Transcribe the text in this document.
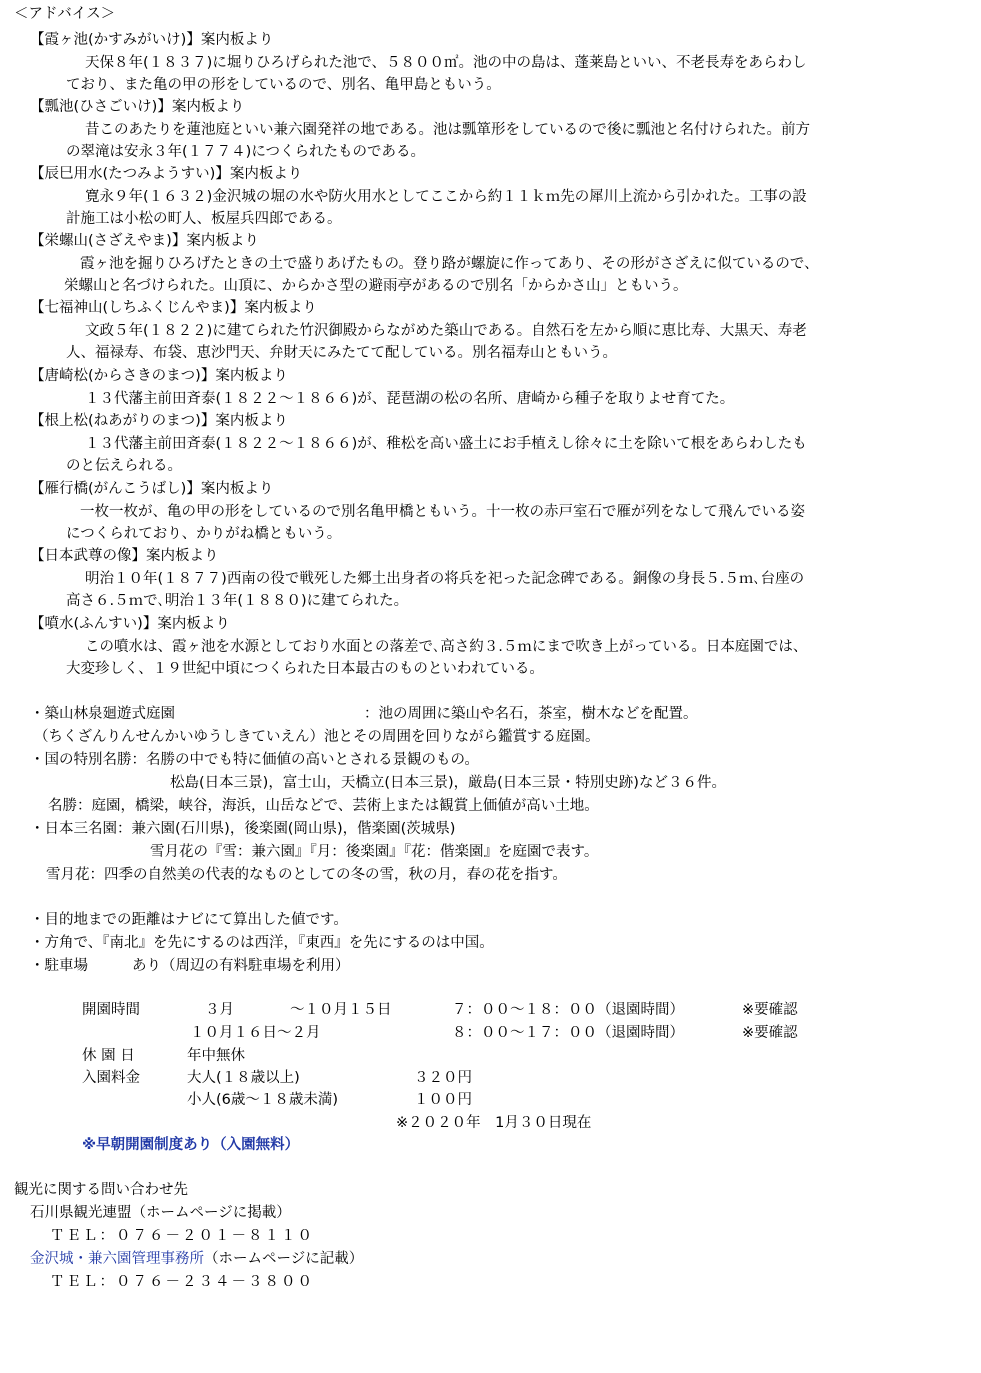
＜アドバイス＞
【霞ヶ池(かすみがいけ)】案内板より
天保８年(１８３７)に堀りひろげられた池で、５８００㎡。池の中の島は、蓬莱島といい、不老長寿をあらわし
ており、また亀の甲の形をしているので、別名、亀甲島ともいう。
【瓢池(ひさごいけ)】案内板より
昔このあたりを蓮池庭といい兼六園発祥の地である。池は瓢箪形をしているので後に瓢池と名付けられた。前方
の翠滝は安永３年(１７７４)につくられたものである。
【辰巳用水(たつみようすい)】案内板より
寛永９年(１６３２)金沢城の堀の水や防火用水としてここから約１１ｋｍ先の犀川上流から引かれた。工事の設
計施工は小松の町人、板屋兵四郎である。
【栄螺山(さざえやま)】案内板より
霞ヶ池を掘りひろげたときの土で盛りあげたもの。登り路が螺旋に作ってあり、その形がさざえに似ているので、
栄螺山と名づけられた。山頂に、からかさ型の避雨亭があるので別名「からかさ山」ともいう。
【七福神山(しちふくじんやま)】案内板より
文政５年(１８２２)に建てられた竹沢御殿からながめた築山である。自然石を左から順に恵比寿、大黒天、寿老
人、福禄寿、布袋、恵沙門天、弁財天にみたてて配している。別名福寿山ともいう。
【唐崎松(からさきのまつ)】案内板より
１３代藩主前田斉泰(１８２２～１８６６)が、琵琶湖の松の名所、唐崎から種子を取りよせ育てた。
【根上松(ねあがりのまつ)】案内板より
１３代藩主前田斉泰(１８２２～１８６６)が、稚松を高い盛土にお手植えし徐々に土を除いて根をあらわしたも
のと伝えられる。
【雁行橋(がんこうばし)】案内板より
一枚一枚が、亀の甲の形をしているので別名亀甲橋ともいう。十一枚の赤戸室石で雁が列をなして飛んでいる姿
につくられており、かりがね橋ともいう。
【日本武尊の像】案内板より
明治１０年(１８７７)西南の役で戦死した郷土出身者の将兵を祀った記念碑である。銅像の身長５.５ｍ､台座の
高さ６.５ｍで､明治１３年(１８８０)に建てられた。
【噴水(ふんすい)】案内板より
この噴水は、霞ヶ池を水源としており水面との落差で､高さ約３.５ｍにまで吹き上がっている。日本庭園では、
大変珍しく、１９世紀中頃につくられた日本最古のものといわれている。
・築山林泉廻遊式庭園	：池の周囲に築山や名石，茶室，樹木などを配置。
（ちくざんりんせんかいゆうしきていえん）池とその周囲を回りながら鑑賞する庭園。
・国の特別名勝：名勝の中でも特に価値の高いとされる景観のもの。
松島(日本三景)，富士山，天橋立(日本三景)，厳島(日本三景・特別史跡)など３６件。
名勝：庭園，橋梁，峡谷，海浜，山岳などで、芸術上または観賞上価値が高い土地。
・日本三名園：兼六園(石川県)，後楽園(岡山県)，偕楽園(茨城県)
雪月花の『雪：兼六園』『月：後楽園』『花：偕楽園』を庭園で表す。
雪月花：四季の自然美の代表的なものとしての冬の雪，秋の月，春の花を指す。
・目的地までの距離はナビにて算出した値です。
・方角で、『南北』を先にするのは西洋，『東西』を先にするのは中国。
・駐車場	あり（周辺の有料駐車場を利用）
開園時間	３月	～１０月１５日	７：００～１８：００（退園時間）	※要確認
１０月１６日～２月	８：００～１７：００（退園時間）	※要確認
休 園 日	年中無休
入園料金	大人(１８歳以上)	３２０円
小人(6歳～１８歳未満)	１００円
※２０２０年　1月３０日現在
※早朝開園制度あり（入園無料）
観光に関する問い合わせ先
石川県観光連盟（ホームページに掲載）
ＴＥＬ：０７６－２０１－８１１０
金沢城・兼六園管理事務所（ホームページに記載）
ＴＥＬ：０７６－２３４－３８００
